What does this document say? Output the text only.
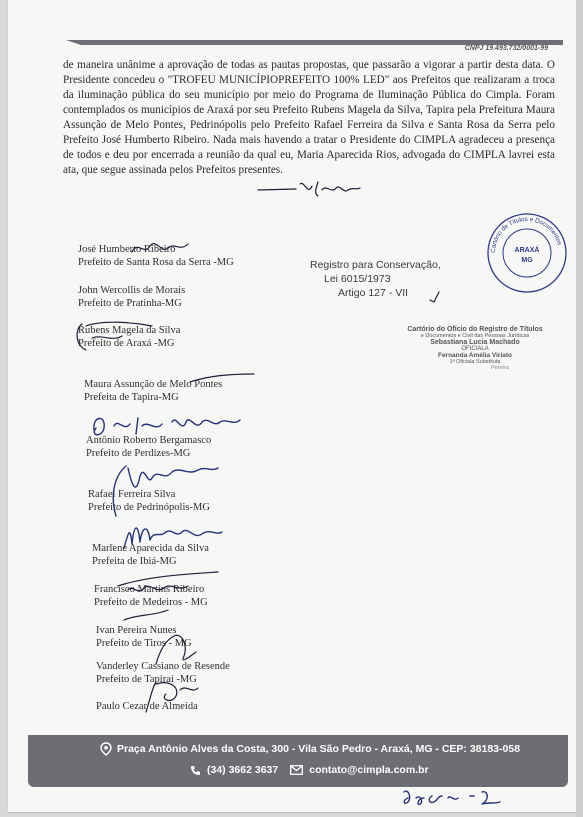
CNPJ 19.493.732/0001-99

de maneira unânime a aprovação de todas as pautas propostas, que passarão a vigorar a partir desta data. O Presidente concedeu o "TROFEU MUNICÍPIOPREFEITO 100% LED" aos Prefeitos que realizaram a troca da iluminação pública do seu município por meio do Programa de Iluminação Pública do Cimpla. Foram contemplados os municípios de Araxá por seu Prefeito Rubens Magela da Silva, Tapira pela Prefeitura Maura Assunção de Melo Pontes, Pedrinópolis pelo Prefeito Rafael Ferreira da Silva e Santa Rosa da Serra pelo Prefeito José Humberto Ribeiro. Nada mais havendo a tratar o Presidente do CIMPLA agradeceu a presença de todos e deu por encerrada a reunião da qual eu, Maria Aparecida Rios, advogada do CIMPLA lavrei esta ata, que segue assinada pelos Prefeitos presentes.

José Humberto Ribeiro
Prefeito de Santa Rosa da Serra -MG
John Wercollis de Morais
Prefeito de Pratinha-MG
Rubens Magela da Silva
Prefeito de Araxá -MG
Maura Assunção de Melo Pontes
Prefeita de Tapira-MG
Antônio Roberto Bergamasco
Prefeito de Perdizes-MG
Rafael Ferreira Silva
Prefeito de Pedrinópolis-MG
Marlene Aparecida da Silva
Prefeita de Ibiá-MG
Francisco Martins Ribeiro
Prefeito de Medeiros - MG
Ivan Pereira Nunes
Prefeito de Tiros - MG
Vanderley Cassiano de Resende
Prefeito de Tapiraí -MG
Paulo Cezar de Almeida
Registro para Conservação,
Lei 6015/1973
Artigo 127 - VII
Cartório do Ofício do Registro de Títulos
e Documentos e Civil das Pessoas Jurídicas
Sebastiana Lucia Machado
OFICIALA
Fernanda Amélia Viriato
1ª Oficiala Substituta
Pereira
Cartório de Títulos e Documentos
ARAXÁ
MG
Praça Antônio Alves da Costa, 300 - Vila São Pedro - Araxá, MG - CEP: 38183-058
(34) 3662 3637	contato@cimpla.com.br
